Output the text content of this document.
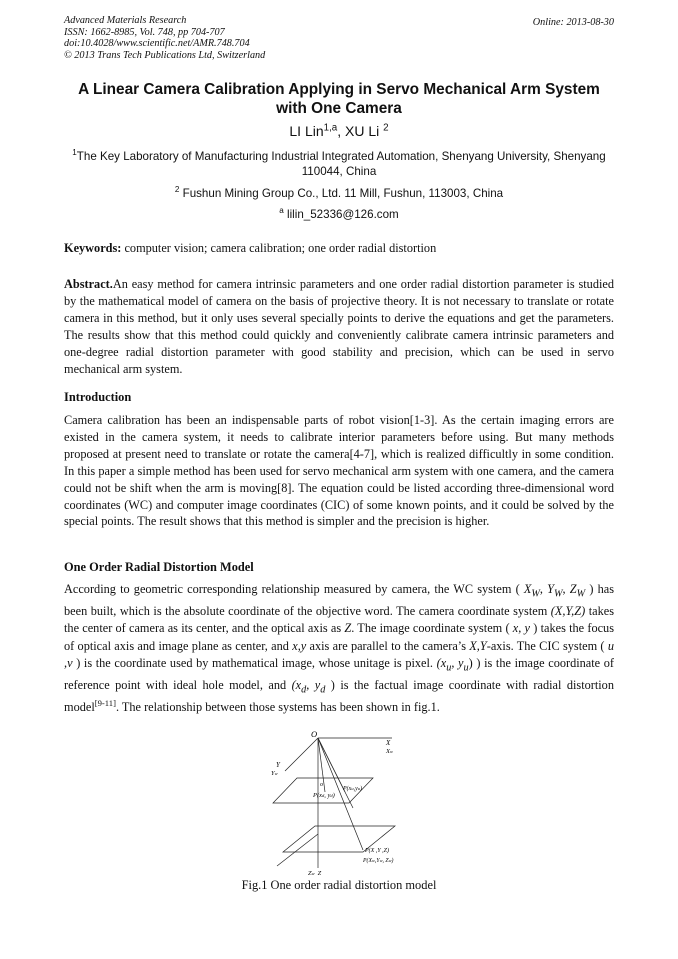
Advanced Materials Research
ISSN: 1662-8985, Vol. 748, pp 704-707
doi:10.4028/www.scientific.net/AMR.748.704
© 2013 Trans Tech Publications Ltd, Switzerland
Online: 2013-08-30
A Linear Camera Calibration Applying in Servo Mechanical Arm System
with One Camera
LI Lin$^{1,a}$, XU Li $^2$
$^1$The Key Laboratory of Manufacturing Industrial Integrated Automation, Shenyang University, Shenyang 110044, China
$^2$ Fushun Mining Group Co., Ltd. 11 Mill, Fushun, 113003, China
$^a$ lilin_52336@126.com
Keywords: computer vision; camera calibration; one order radial distortion
Abstract.An easy method for camera intrinsic parameters and one order radial distortion parameter is studied by the mathematical model of camera on the basis of projective theory. It is not necessary to translate or rotate camera in this method, but it only uses several specially points to derive the equations and get the parameters. The results show that this method could quickly and conveniently calibrate camera intrinsic parameters and one-degree radial distortion parameter with good stability and precision, which can be used in servo mechanical arm system.
Introduction
Camera calibration has been an indispensable parts of robot vision[1-3]. As the certain imaging errors are existed in the camera system, it needs to calibrate interior parameters before using. But many methods proposed at present need to translate or rotate the camera[4-7], which is realized difficultly in some condition. In this paper a simple method has been used for servo mechanical arm system with one camera, and the camera could not be shift when the arm is moving[8]. The equation could be listed according three-dimensional word coordinates (WC) and computer image coordinates (CIC) of some known points, and it could be solved by the special points. The result shows that this method is simpler and the precision is higher.
One Order Radial Distortion Model
According to geometric corresponding relationship measured by camera, the WC system ( $X_W$, $Y_W$, $Z_W$ ) has been built, which is the absolute coordinate of the objective word. The camera coordinate system (X,Y,Z) takes the center of camera as its center, and the optical axis as Z. The image coordinate system ( x, y ) takes the focus of optical axis and image plane as center, and x,y axis are parallel to the camera’s X,Y-axis. The CIC system ( u ,v ) is the coordinate used by mathematical image, whose unitage is pixel. ($x_u$, $y_u$) ) is the image coordinate of reference point with ideal hole model, and ($x_d$, $y_d$ ) is the factual image coordinate with radial distortion model[9-11]. The relationship between those systems has been shown in fig.1.
O
X
Xw
Y
Yw
o
P(xu,yu)
P(xd, yd)
P(X ,Y ,Z)
P(Xw,Yw, Zw)
Zw Z
Fig.1 One order radial distortion model
